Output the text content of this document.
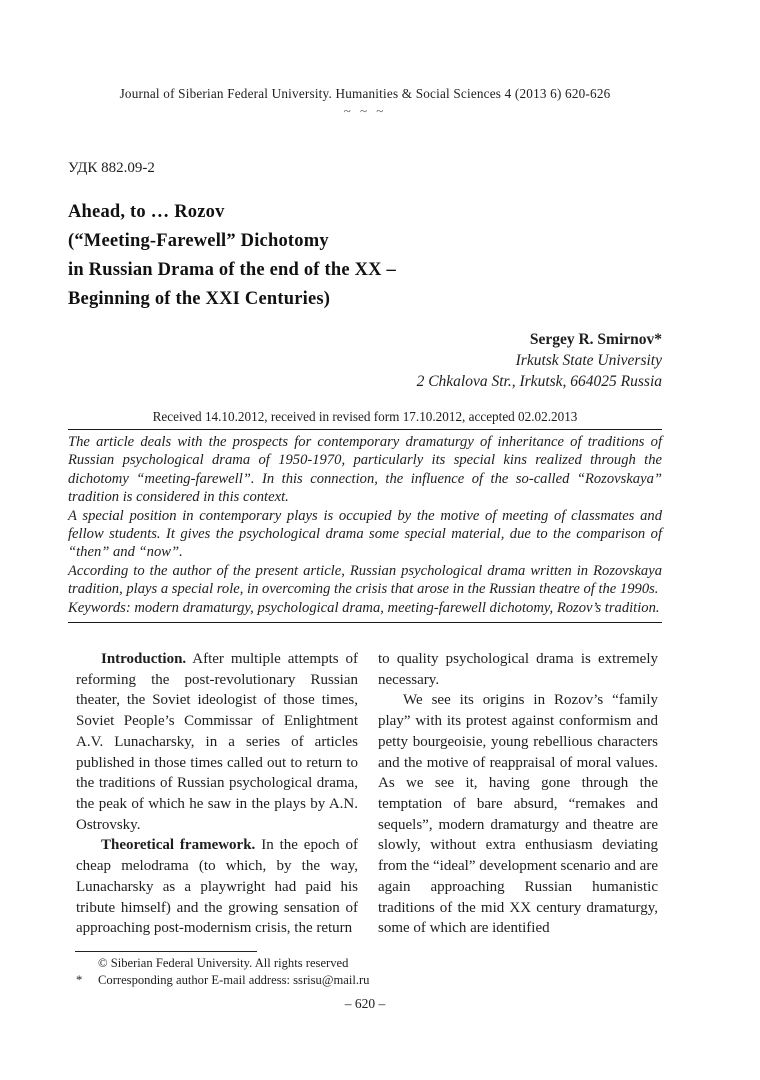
Journal of Siberian Federal University. Humanities & Social Sciences 4 (2013 6) 620-626
~ ~ ~
УДК 882.09-2
Ahead, to … Rozov
(“Meeting-Farewell” Dichotomy
in Russian Drama of the end of the XX –
Beginning of the XXI Centuries)
Sergey R. Smirnov*
Irkutsk State University
2 Chkalova Str., Irkutsk, 664025 Russia
Received 14.10.2012, received in revised form 17.10.2012, accepted 02.02.2013

The article deals with the prospects for contemporary dramaturgy of inheritance of traditions of Russian psychological drama of 1950-1970, particularly its special kins realized through the dichotomy “meeting-farewell”. In this connection, the influence of the so-called “Rozovskaya” tradition is considered in this context.

A special position in contemporary plays is occupied by the motive of meeting of classmates and fellow students. It gives the psychological drama some special material, due to the comparison of “then” and “now”.

According to the author of the present article, Russian psychological drama written in Rozovskaya tradition, plays a special role, in overcoming the crisis that arose in the Russian theatre of the 1990s.

Keywords: modern dramaturgy, psychological drama, meeting-farewell dichotomy, Rozov’s tradition.

Introduction. After multiple attempts of reforming the post-revolutionary Russian theater, the Soviet ideologist of those times, Soviet People’s Commissar of Enlightment A.V. Lunacharsky, in a series of articles published in those times called out to return to the traditions of Russian psychological drama, the peak of which he saw in the plays by A.N. Ostrovsky.

Theoretical framework. In the epoch of cheap melodrama (to which, by the way, Lunacharsky as a playwright had paid his tribute himself) and the growing sensation of approaching post-modernism crisis, the return

to quality psychological drama is extremely necessary.

We see its origins in Rozov’s “family play” with its protest against conformism and petty bourgeoisie, young rebellious characters and the motive of reappraisal of moral values. As we see it, having gone through the temptation of bare absurd, “remakes and sequels”, modern dramaturgy and theatre are slowly, without extra enthusiasm deviating from the “ideal” development scenario and are again approaching Russian humanistic traditions of the mid XX century dramaturgy, some of which are identified

© Siberian Federal University. All rights reserved
*	Corresponding author E-mail address: ssrisu@mail.ru
– 620 –
